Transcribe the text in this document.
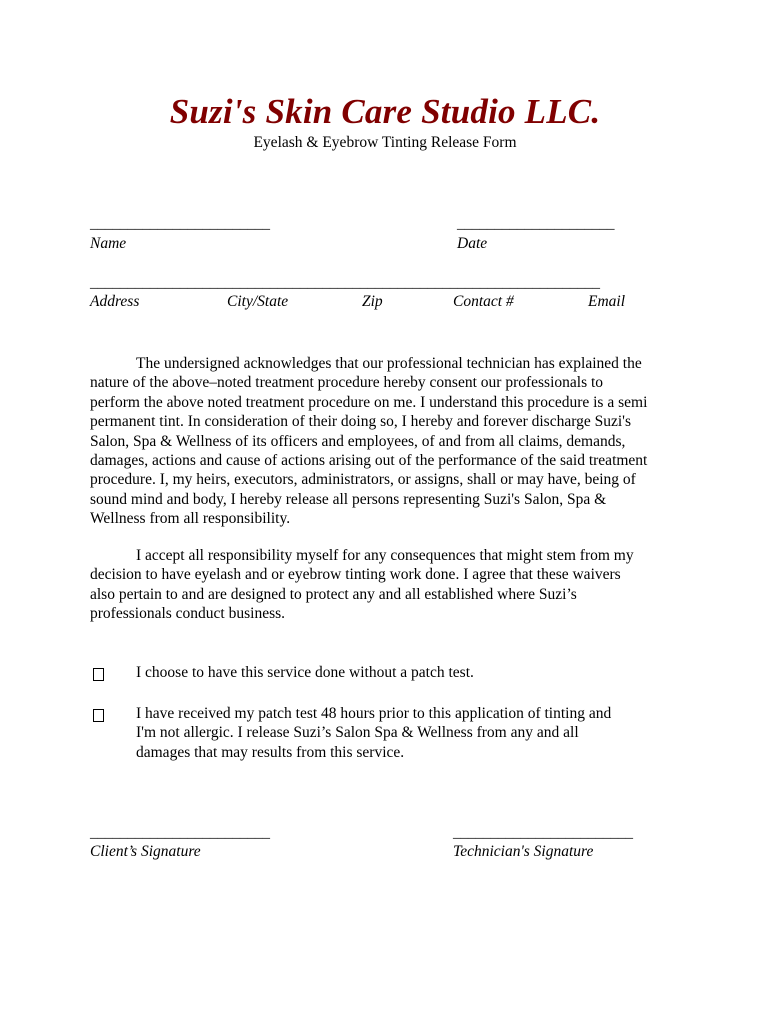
Suzi's Skin Care Studio LLC.
Eyelash & Eyebrow Tinting Release Form
________________________	_____________________
Name	Date
____________________________________________________________________
Address	City/State	Zip	Contact #	Email
The undersigned acknowledges that our professional technician has explained the
nature of the above–noted treatment procedure hereby consent our professionals to
perform the above noted treatment procedure on me. I understand this procedure is a semi
permanent tint. In consideration of their doing so, I hereby and forever discharge Suzi's
Salon, Spa & Wellness of its officers and employees, of and from all claims, demands,
damages, actions and cause of actions arising out of the performance of the said treatment
procedure. I, my heirs, executors, administrators, or assigns, shall or may have, being of
sound mind and body, I hereby release all persons representing Suzi's Salon, Spa &
Wellness from all responsibility.
I accept all responsibility myself for any consequences that might stem from my
decision to have eyelash and or eyebrow tinting work done. I agree that these waivers
also pertain to and are designed to protect any and all established where Suzi’s
professionals conduct business.
I choose to have this service done without a patch test.
I have received my patch test 48 hours prior to this application of tinting and
I'm not allergic. I release Suzi’s Salon Spa & Wellness from any and all
damages that may results from this service.
________________________	________________________
Client’s Signature	Technician's Signature
